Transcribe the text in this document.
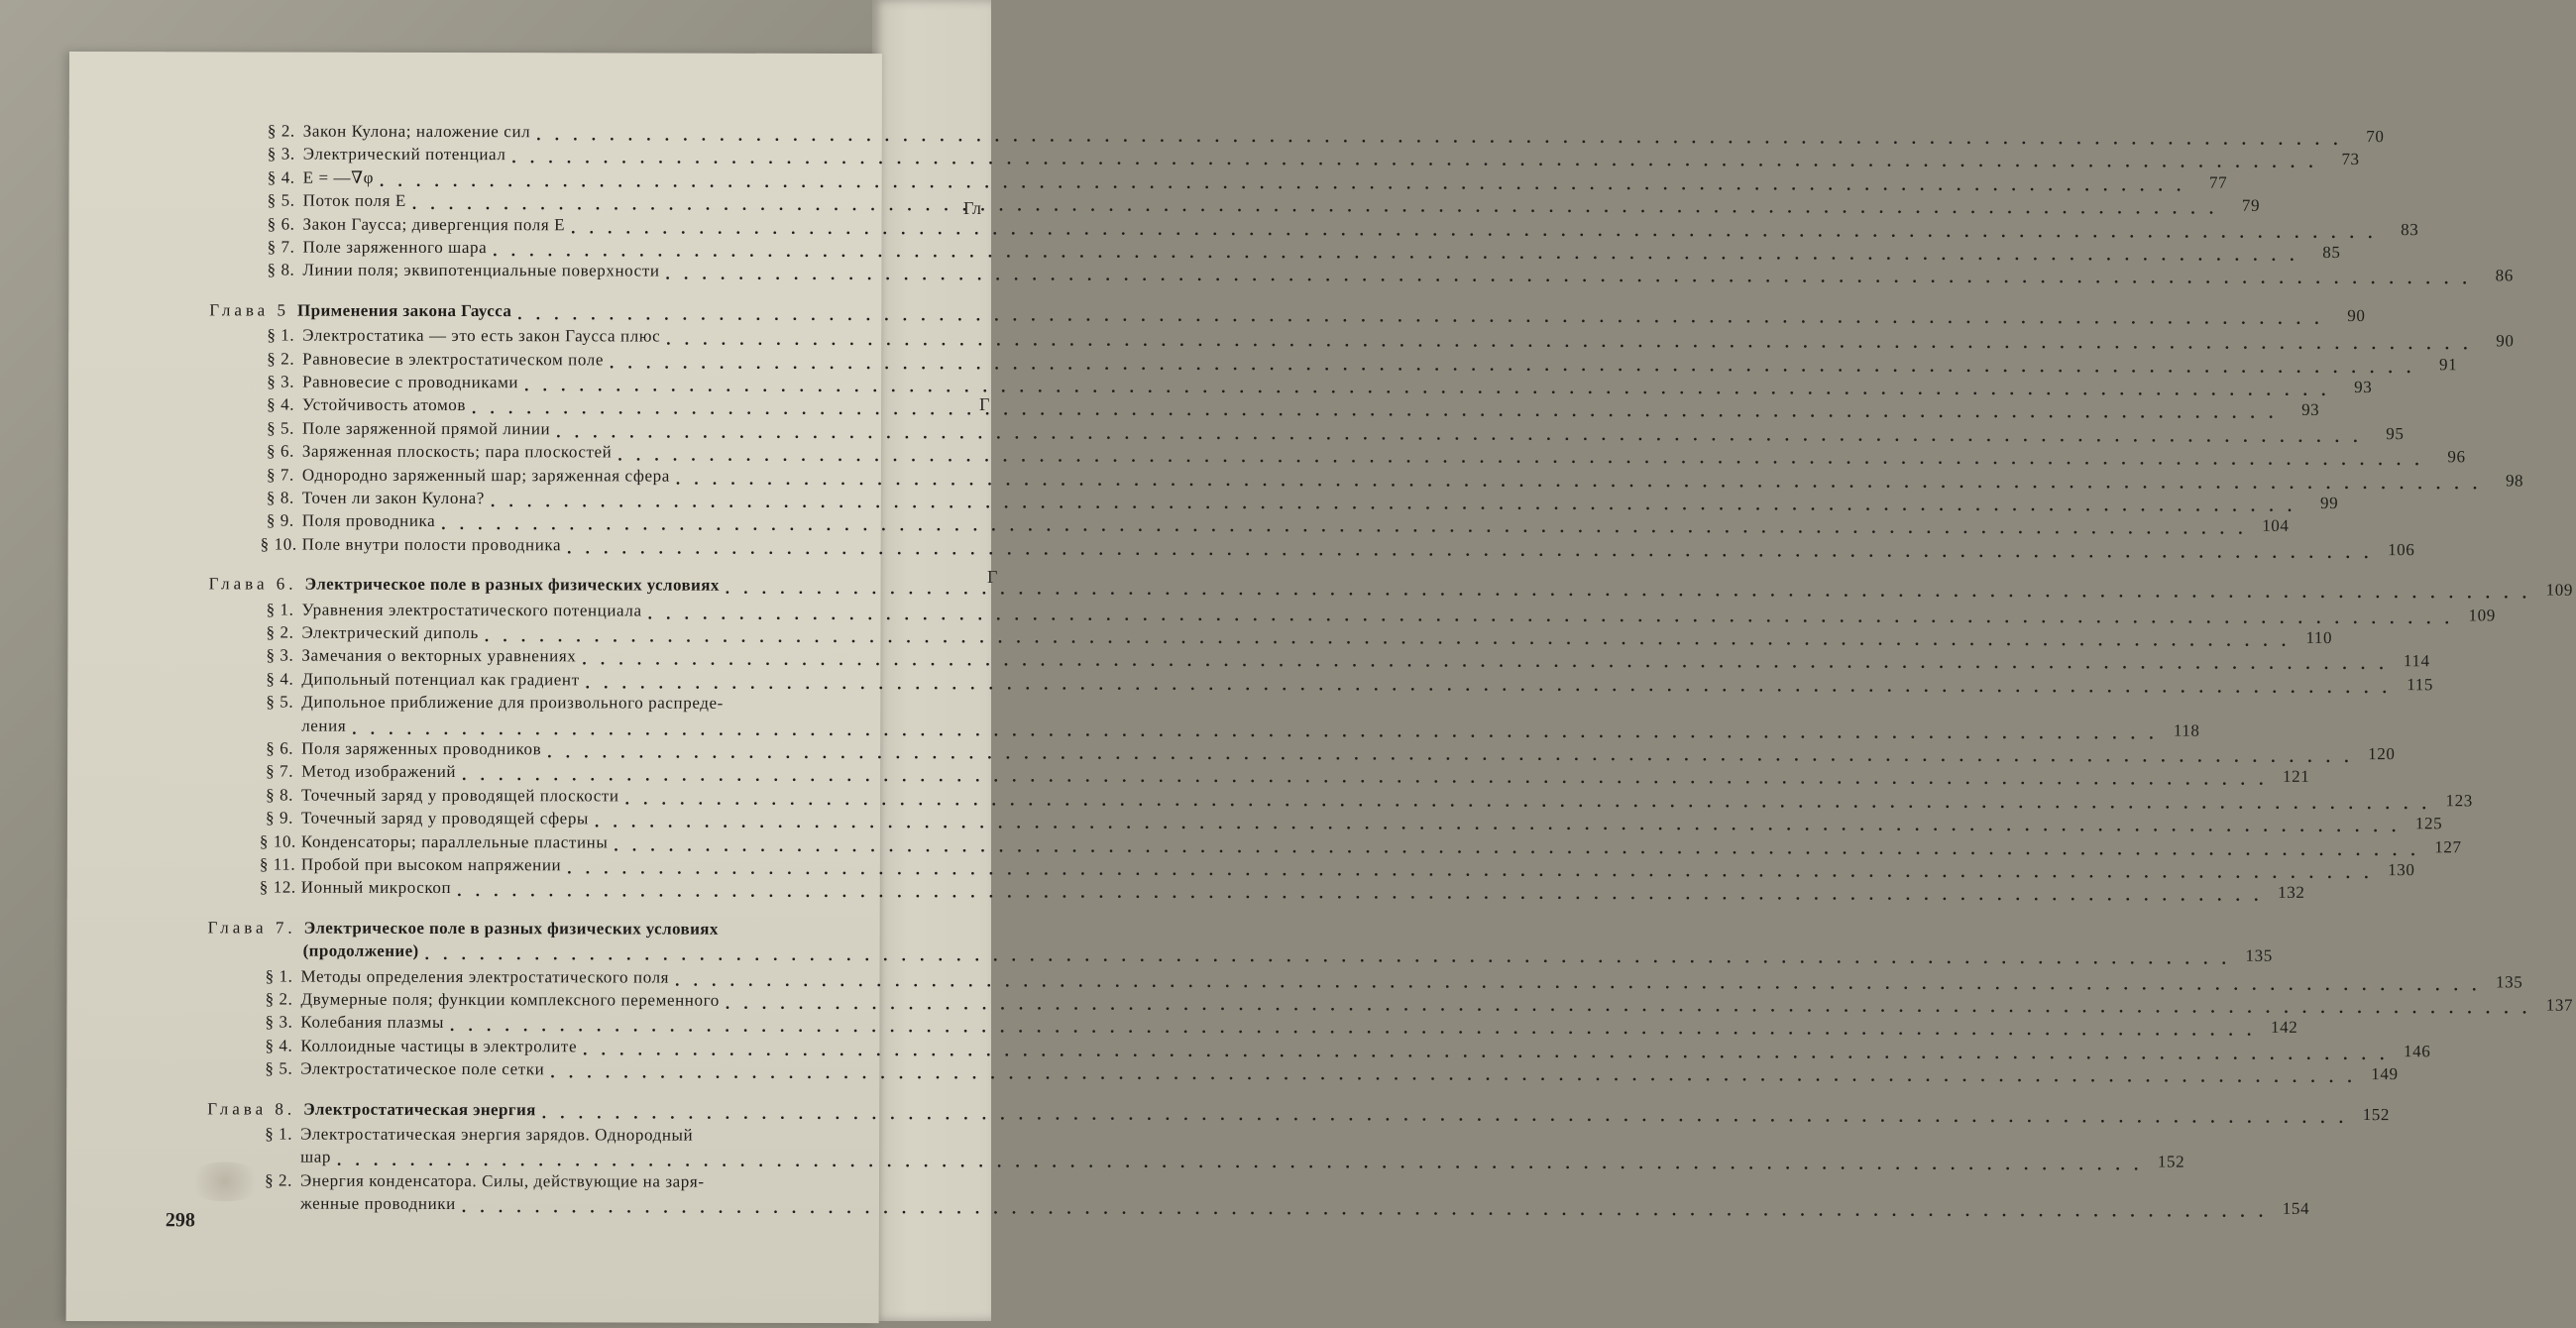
Гл
Г
Г
§ 2. Закон Кулона; наложение сил . . .	70
§ 3. Электрический потенциал . . .	73
§ 4. E = —∇φ . . .	77
§ 5. Поток поля E . . .	79
§ 6. Закон Гаусса; дивергенция поля E . . .	83
§ 7. Поле заряженного шара . . .	85
§ 8. Линии поля; эквипотенциальные поверхности . . .	86
Глава 5 Применения закона Гаусса . . .	90
§ 1. Электростатика — это есть закон Гаусса плюс . . .	90
§ 2. Равновесие в электростатическом поле . . .	91
§ 3. Равновесие с проводниками . . .	93
§ 4. Устойчивость атомов . . .	93
§ 5. Поле заряженной прямой линии . . .	95
§ 6. Заряженная плоскость; пара плоскостей . . .	96
§ 7. Однородно заряженный шар; заряженная сфера . . .	98
§ 8. Точен ли закон Кулона? . . .	99
§ 9. Поля проводника . . .	104
§ 10. Поле внутри полости проводника . . .	106
Глава 6. Электрическое поле в разных физических условиях . . .	109
§ 1. Уравнения электростатического потенциала . . .	109
§ 2. Электрический диполь . . .	110
§ 3. Замечания о векторных уравнениях . . .	114
§ 4. Дипольный потенциал как градиент . . .	115
§ 5. Дипольное приближение для произвольного распреде-
ления . . .	118
§ 6. Поля заряженных проводников . . .	120
§ 7. Метод изображений . . .	121
§ 8. Точечный заряд у проводящей плоскости . . .	123
§ 9. Точечный заряд у проводящей сферы . . .	125
§ 10. Конденсаторы; параллельные пластины . . .	127
§ 11. Пробой при высоком напряжении . . .	130
§ 12. Ионный микроскоп . . .	132
Глава 7. Электрическое поле в разных физических условиях
(продолжение) . . .	135
§ 1. Методы определения электростатического поля . . .	135
§ 2. Двумерные поля; функции комплексного переменного . . .	137
§ 3. Колебания плазмы . . .	142
§ 4. Коллоидные частицы в электролите . . .	146
§ 5. Электростатическое поле сетки . . .	149
Глава 8. Электростатическая энергия . . .	152
§ 1. Электростатическая энергия зарядов. Однородный
шар . . .	152
§ 2. Энергия конденсатора. Силы, действующие на заря-
женные проводники . . .	154
298
